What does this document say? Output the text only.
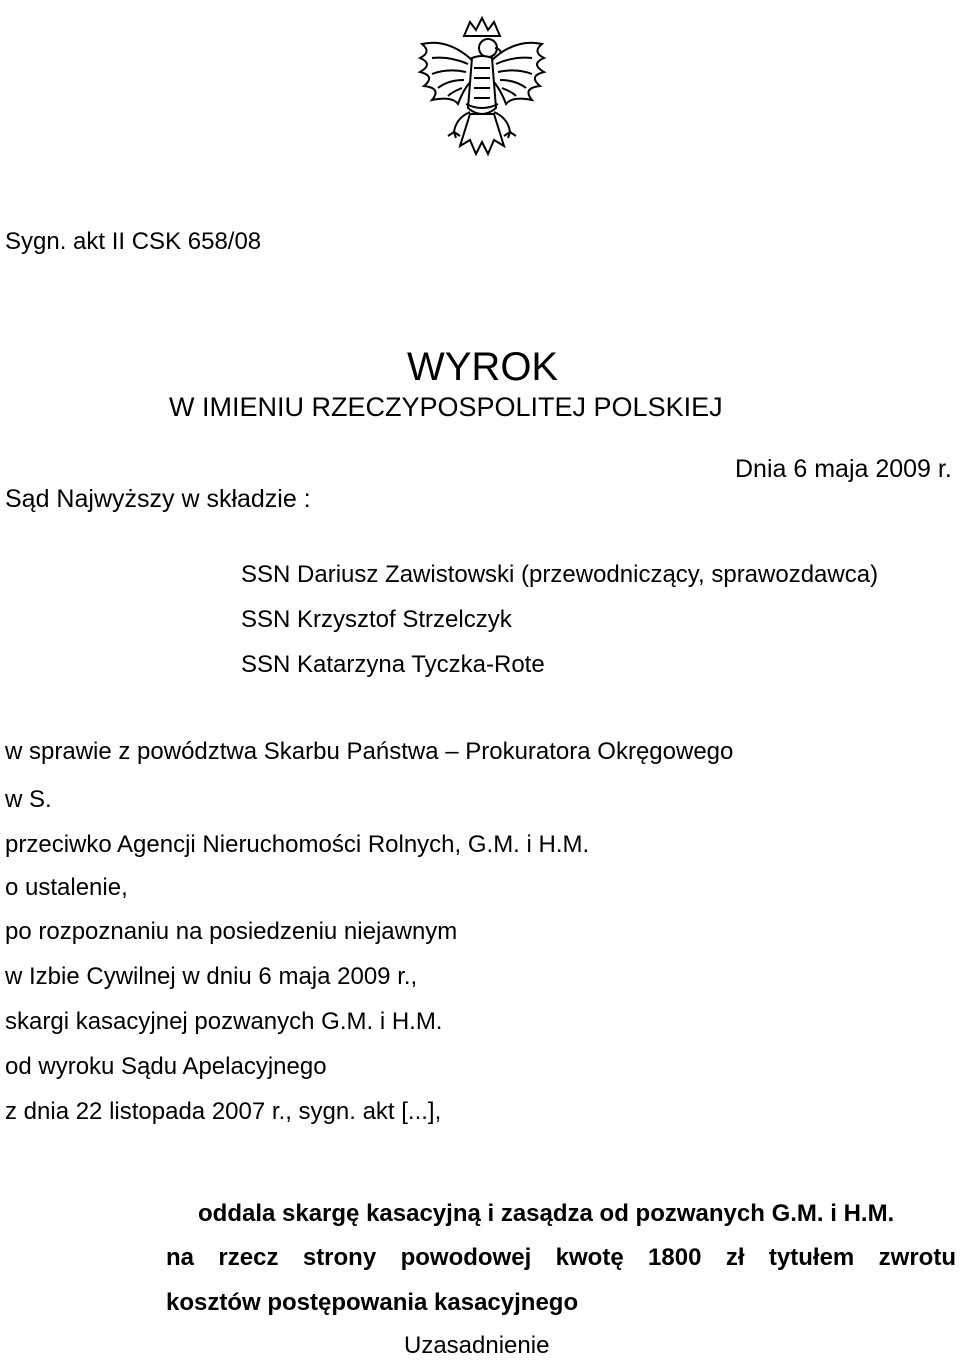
Sygn. akt II CSK 658/08
WYROK
W IMIENIU RZECZYPOSPOLITEJ POLSKIEJ
Dnia 6 maja 2009 r.
Sąd Najwyższy w składzie :
SSN Dariusz Zawistowski (przewodniczący, sprawozdawca)
SSN Krzysztof Strzelczyk
SSN Katarzyna Tyczka-Rote
w sprawie z powództwa Skarbu Państwa – Prokuratora Okręgowego
w S.
przeciwko Agencji Nieruchomości Rolnych, G.M. i H.M.
o ustalenie,
po rozpoznaniu na posiedzeniu niejawnym
w Izbie Cywilnej w dniu 6 maja 2009 r.,
skargi kasacyjnej pozwanych G.M. i H.M.
od wyroku Sądu Apelacyjnego
z dnia 22 listopada 2007 r., sygn. akt [...],
oddala skargę kasacyjną i zasądza od pozwanych G.M. i H.M.
na rzecz strony powodowej kwotę 1800 zł tytułem zwrotu
kosztów postępowania kasacyjnego
Uzasadnienie
